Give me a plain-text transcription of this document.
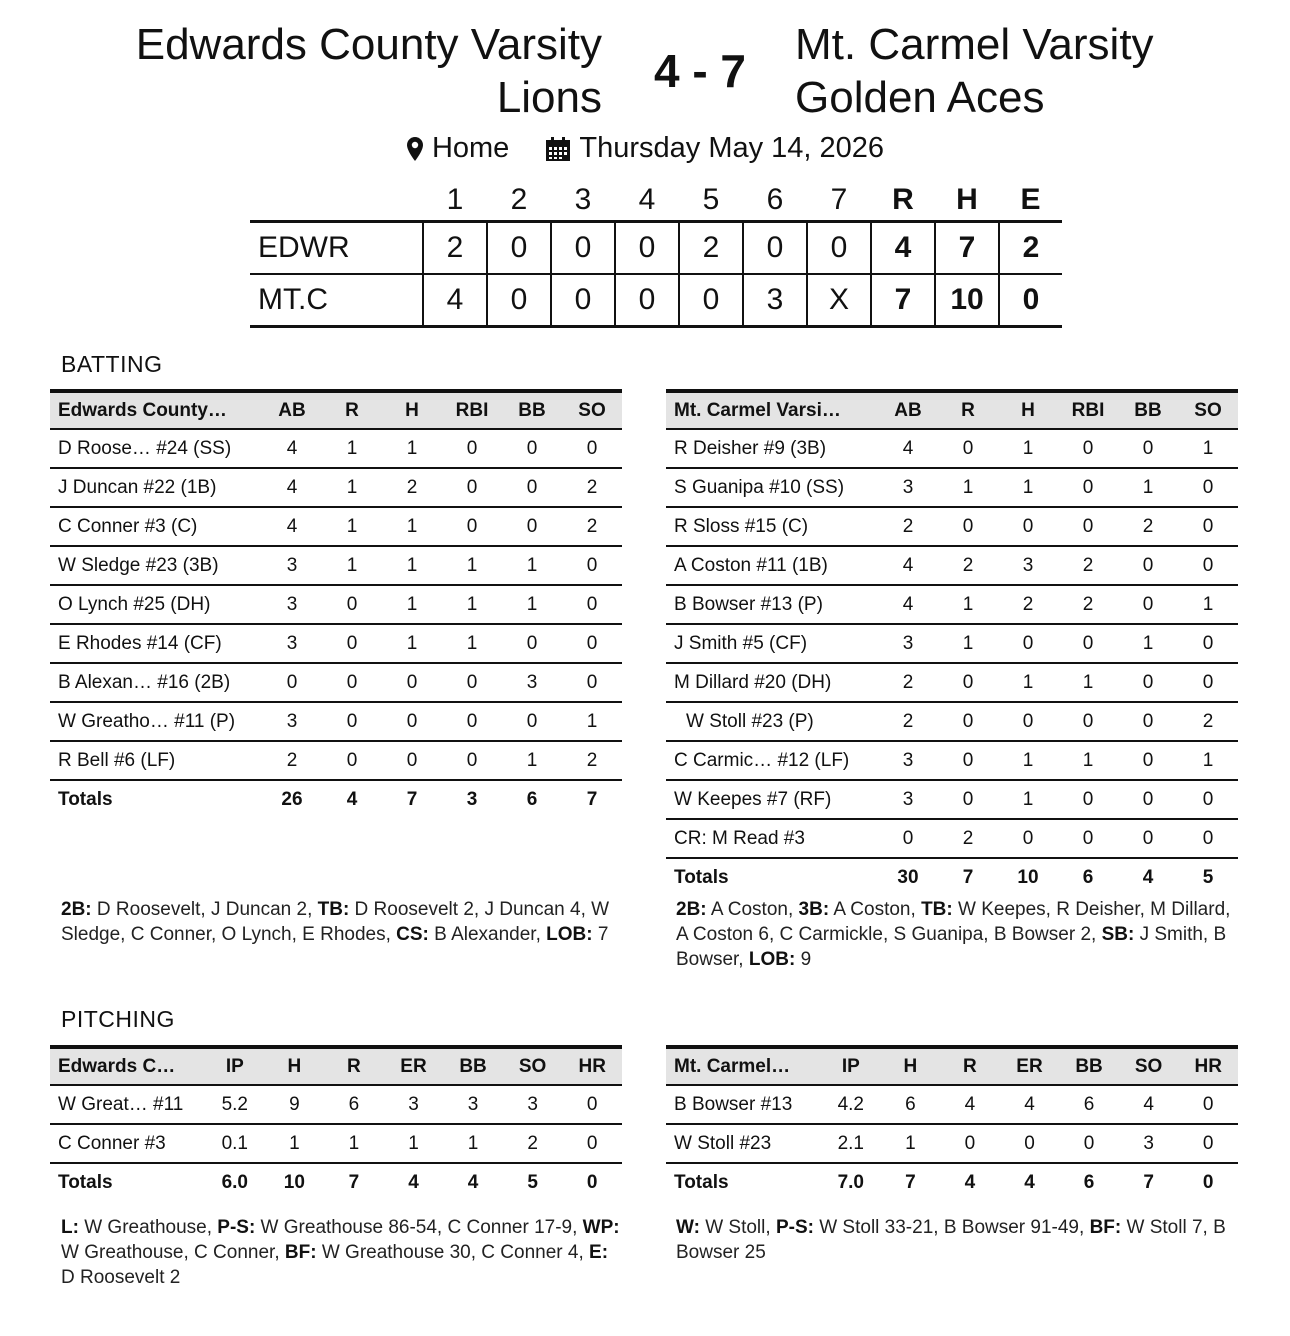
Edwards County Varsity
Lions
4 - 7
Mt. Carmel Varsity
Golden Aces
Home
Thursday May 14, 2026
	1	2	3	4	5	6	7	R	H	E
EDWR	2	0	0	0	2	0	0	4	7	2
MT.C	4	0	0	0	0	3	X	7	10	0
BATTING
Edwards County…	AB	R	H	RBI	BB	SO
D Roose… #24 (SS)	4	1	1	0	0	0
J Duncan #22 (1B)	4	1	2	0	0	2
C Conner #3 (C)	4	1	1	0	0	2
W Sledge #23 (3B)	3	1	1	1	1	0
O Lynch #25 (DH)	3	0	1	1	1	0
E Rhodes #14 (CF)	3	0	1	1	0	0
B Alexan… #16 (2B)	0	0	0	0	3	0
W Greatho… #11 (P)	3	0	0	0	0	1
R Bell #6 (LF)	2	0	0	0	1	2
Totals	26	4	7	3	6	7
Mt. Carmel Varsi…	AB	R	H	RBI	BB	SO
R Deisher #9 (3B)	4	0	1	0	0	1
S Guanipa #10 (SS)	3	1	1	0	1	0
R Sloss #15 (C)	2	0	0	0	2	0
A Coston #11 (1B)	4	2	3	2	0	0
B Bowser #13 (P)	4	1	2	2	0	1
J Smith #5 (CF)	3	1	0	0	1	0
M Dillard #20 (DH)	2	0	1	1	0	0
W Stoll #23 (P)	2	0	0	0	0	2
C Carmic… #12 (LF)	3	0	1	1	0	1
W Keepes #7 (RF)	3	0	1	0	0	0
CR: M Read #3	0	2	0	0	0	0
Totals	30	7	10	6	4	5
2B: D Roosevelt, J Duncan 2, TB: D Roosevelt 2, J Duncan 4, W Sledge, C Conner, O Lynch, E Rhodes, CS: B Alexander, LOB: 7
2B: A Coston, 3B: A Coston, TB: W Keepes, R Deisher, M Dillard, A Coston 6, C Carmickle, S Guanipa, B Bowser 2, SB: J Smith, B Bowser, LOB: 9
PITCHING
Edwards C…	IP	H	R	ER	BB	SO	HR
W Great… #11	5.2	9	6	3	3	3	0
C Conner #3	0.1	1	1	1	1	2	0
Totals	6.0	10	7	4	4	5	0
Mt. Carmel…	IP	H	R	ER	BB	SO	HR
B Bowser #13	4.2	6	4	4	6	4	0
W Stoll #23	2.1	1	0	0	0	3	0
Totals	7.0	7	4	4	6	7	0
L: W Greathouse, P-S: W Greathouse 86-54, C Conner 17-9, WP: W Greathouse, C Conner, BF: W Greathouse 30, C Conner 4, E: D Roosevelt 2
W: W Stoll, P-S: W Stoll 33-21, B Bowser 91-49, BF: W Stoll 7, B Bowser 25
